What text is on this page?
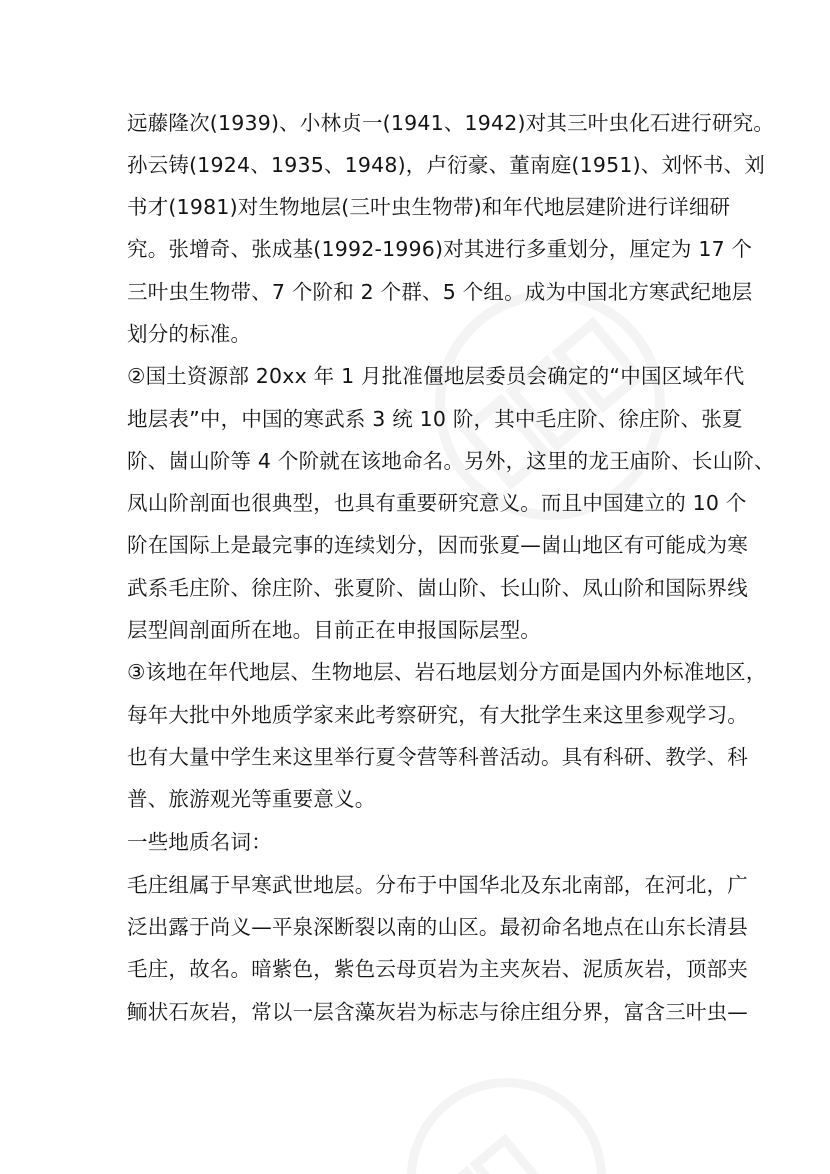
远藤隆次(1939)、小林贞一(1941、1942)对其三叶虫化石进行研究。
孙云铸(1924、1935、1948)，卢衍豪、董南庭(1951)、刘怀书、刘
书才(1981)对生物地层(三叶虫生物带)和年代地层建阶进行详细研
究。张增奇、张成基(1992-1996)对其进行多重划分，厘定为 17 个
三叶虫生物带、7 个阶和 2 个群、5 个组。成为中国北方寒武纪地层
划分的标准。
②国土资源部 20xx 年 1 月批准僵地层委员会确定的“中国区域年代
地层表”中，中国的寒武系 3 统 10 阶，其中毛庄阶、徐庄阶、张夏
阶、崮山阶等 4 个阶就在该地命名。另外，这里的龙王庙阶、长山阶、
凤山阶剖面也很典型，也具有重要研究意义。而且中国建立的 10 个
阶在国际上是最完事的连续划分，因而张夏—崮山地区有可能成为寒
武系毛庄阶、徐庄阶、张夏阶、崮山阶、长山阶、凤山阶和国际界线
层型闾剖面所在地。目前正在申报国际层型。
③该地在年代地层、生物地层、岩石地层划分方面是国内外标准地区，
每年大批中外地质学家来此考察研究，有大批学生来这里参观学习。
也有大量中学生来这里举行夏令营等科普活动。具有科研、教学、科
普、旅游观光等重要意义。
一些地质名词：
毛庄组属于早寒武世地层。分布于中国华北及东北南部，在河北，广
泛出露于尚义—平泉深断裂以南的山区。最初命名地点在山东长清县
毛庄，故名。暗紫色，紫色云母页岩为主夹灰岩、泥质灰岩，顶部夹
鲕状石灰岩，常以一层含藻灰岩为标志与徐庄组分界，富含三叶虫—
